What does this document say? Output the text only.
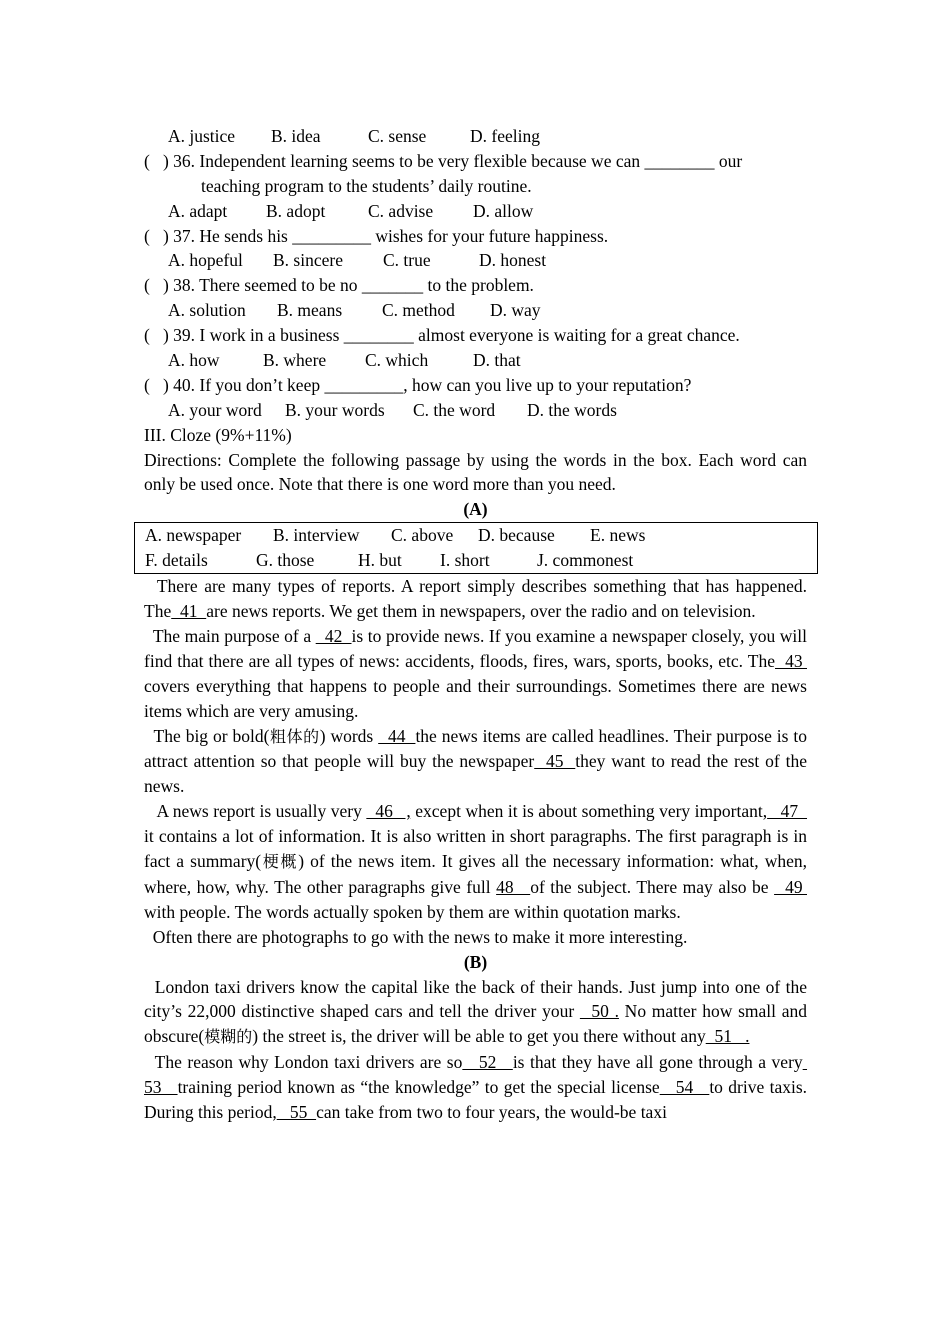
A. justice B. idea	C. sense D. feeling
(   ) 36. Independent learning seems to be very flexible because we can ________ our
teaching program to the students’ daily routine.
A. adapt B. adopt C. advise D. allow
(   ) 37. He sends his _________ wishes for your future happiness.
A. hopeful B. sincere C. true	D. honest
(   ) 38. There seemed to be no _______ to the problem.
A. solution B. means C. method D. way
(   ) 39. I work in a business ________ almost everyone is waiting for a great chance.
A. how B. where C. which	D. that
(   ) 40. If you don’t keep _________, how can you live up to your reputation?
A. your word B. your words C. the word D. the words
III. Cloze (9%+11%)
Directions: Complete the following passage by using the words in the box. Each word can only be used once. Note that there is one word more than you need.
(A)
A. newspaper B. interview C. above D. because E. news
F. details	G. those H. but I. short	J. commonest
There are many types of reports. A report simply describes something that has happened. The  41  are news reports. We get them in newspapers, over the radio and on television.
The main purpose of a   42  is to provide news. If you examine a newspaper closely, you will find that there are all types of news: accidents, floods, fires, wars, sports, books, etc. The  43  covers everything that happens to people and their surroundings. Sometimes there are news items which are very amusing.
The big or bold(粗体的) words   44  the news items are called headlines. Their purpose is to attract attention so that people will buy the newspaper  45  they want to read the rest of the news.
A news report is usually very   46   , except when it is about something very important,   47   it contains a lot of information. It is also written in short paragraphs. The first paragraph is in fact a summary(梗概) of the news item. It gives all the necessary information: what, when, where, how, why. The other paragraphs give full 48   of the subject. There may also be   49  with people. The words actually spoken by them are within quotation marks.
Often there are photographs to go with the news to make it more interesting.
(B)
London taxi drivers know the capital like the back of their hands. Just jump into one of the city’s 22,000 distinctive shaped cars and tell the driver your   50 . No matter how small and obscure(模糊的) the street is, the driver will be able to get you there without any  51   .
The reason why London taxi drivers are so   52   is that they have all gone through a very  53   training period known as “the knowledge” to get the special license   54   to drive taxis. During this period,   55  can take from two to four years, the would-be taxi
